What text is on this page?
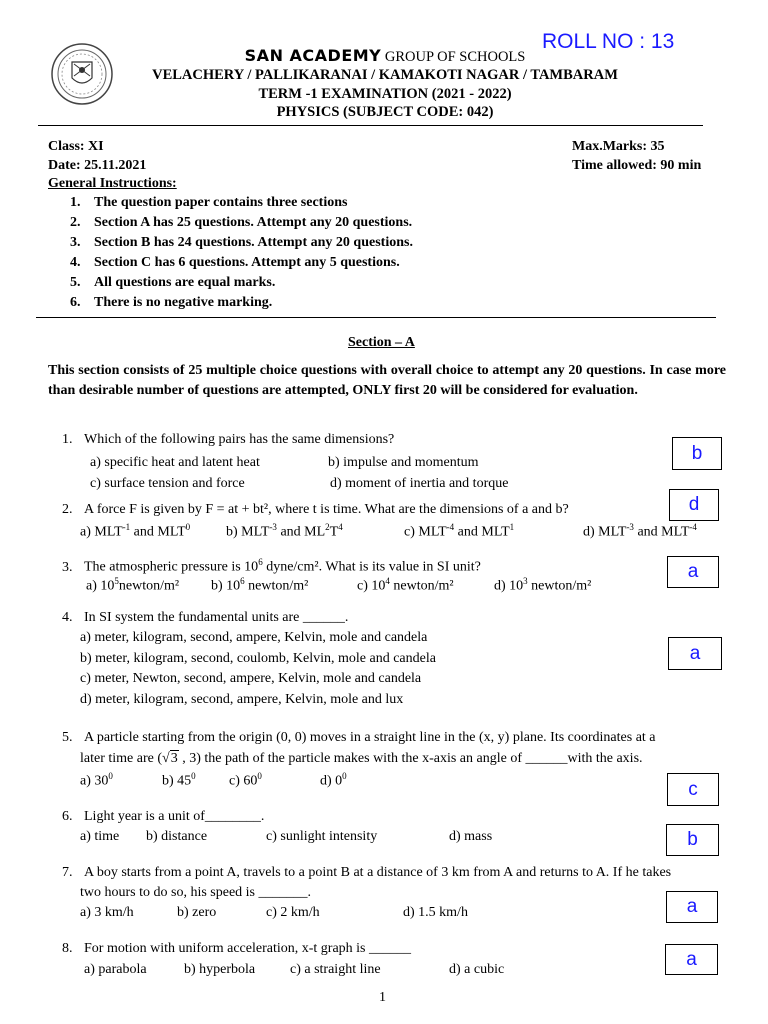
ROLL NO : 13
SAN ACADEMY GROUP OF SCHOOLS
VELACHERY / PALLIKARANAI / KAMAKOTI NAGAR / TAMBARAM
TERM -1 EXAMINATION (2021 - 2022)
PHYSICS (SUBJECT CODE: 042)
Class: XI
Date: 25.11.2021
Max.Marks: 35
Time allowed: 90 min
General Instructions:
1. The question paper contains three sections
2. Section A has 25 questions. Attempt any 20 questions.
3. Section B has 24 questions. Attempt any 20 questions.
4. Section C has 6 questions. Attempt any 5 questions.
5. All questions are equal marks.
6. There is no negative marking.
Section – A
This section consists of 25 multiple choice questions with overall choice to attempt any 20 questions. In case more than desirable number of questions are attempted, ONLY first 20 will be considered for evaluation.
1. Which of the following pairs has the same dimensions?
a) specific heat and latent heat	b) impulse and momentum
c) surface tension and force	d) moment of inertia and torque
b
2. A force F is given by F = at + bt², where t is time. What are the dimensions of a and b?
a) $MLT^{-1}$ and MLT$^0$	b) $MLT^{-3}$ and $ML^2T^4$	c) $MLT^{-4}$ and MLT$^1$	d) $MLT^{-3}$ and $MLT^{-4}$
d
3. The atmospheric pressure is $10^6$ dyne/cm². What is its value in SI unit?
a) $10^5newton/m^2$ b) $10^6$ newton/m²	c) $10^4$ newton/m²	d) $10^3$ newton/m²
a
4. In SI system the fundamental units are ______.
a) meter, kilogram, second, ampere, Kelvin, mole and candela
b) meter, kilogram, second, coulomb, Kelvin, mole and candela
c) meter, Newton, second, ampere, Kelvin, mole and candela
d) meter, kilogram, second, ampere, Kelvin, mole and lux
a
5. A particle starting from the origin (0, 0) moves in a straight line in the (x, y) plane. Its coordinates at a
later time are (√3 , 3) the path of the particle makes with the x-axis an angle of ______with the axis.
a) $30^0$	b) $45^0$ c) $60^0$	d) $0^0$
c
6. Light year is a unit of________.
a) time b) distance	c) sunlight intensity	d) mass	b
7. A boy starts from a point A, travels to a point B at a distance of 3 km from A and returns to A. If he takes
two hours to do so, his speed is _______.
a) 3 km/h	b) zero	c) 2 km/h	d) 1.5 km/h	a
8. For motion with uniform acceleration, x-t graph is ______
a) parabola	b) hyperbola c) a straight line	d) a cubic	a
1
